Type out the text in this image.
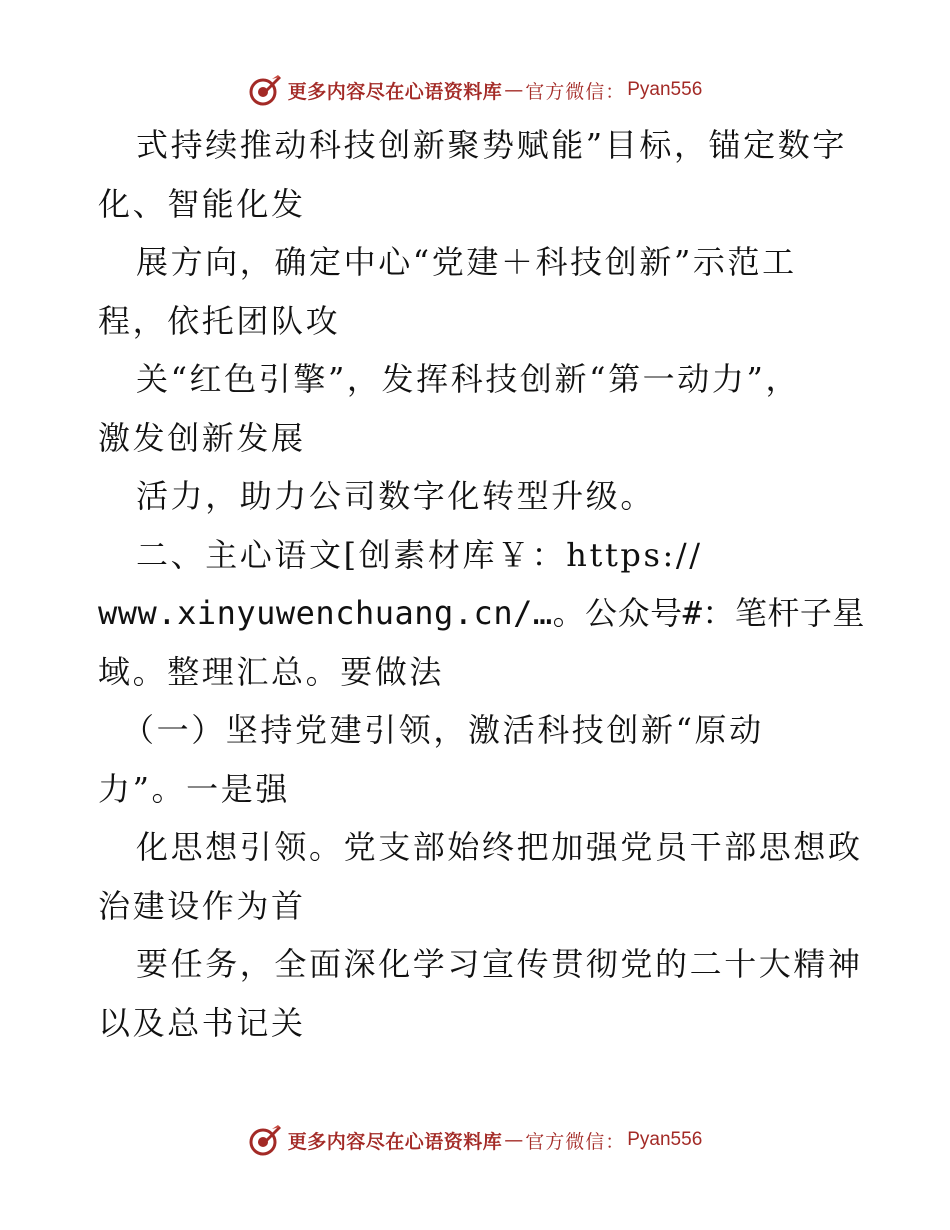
更多内容尽在心语资料库 — 官方微信： Pyan556
式持续推动科技创新聚势赋能”目标，锚定数字
化、智能化发
展方向，确定中心“党建＋科技创新”示范工
程，依托团队攻
关“红色引擎”，发挥科技创新“第一动力”，
激发创新发展
活力，助力公司数字化转型升级。
二、主心语文[创素材库￥：https://
www.xinyuwenchuang.cn/…。公众号#：笔杆子星
域。整理汇总。要做法
（一）坚持党建引领，激活科技创新“原动
力”。一是强
化思想引领。党支部始终把加强党员干部思想政
治建设作为首
要任务，全面深化学习宣传贯彻党的二十大精神
以及总书记关
更多内容尽在心语资料库 — 官方微信： Pyan556
